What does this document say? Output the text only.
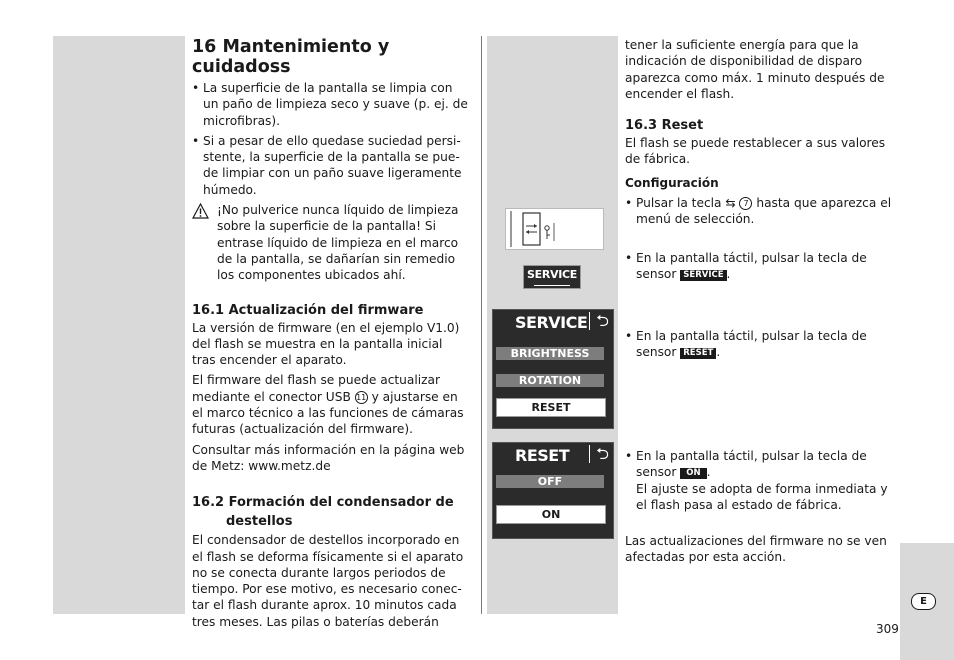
16 Mantenimiento y cuidadoss

• La superficie de la pantalla se limpia con un paño de limpieza seco y suave (p. ej. de microfibras).

• Si a pesar de ello quedase suciedad persistente, la superficie de la pantalla se puede limpiar con un paño suave ligeramente húmedo.

¡No pulverice nunca líquido de limpieza sobre la superficie de la pantalla! Si entrase líquido de limpieza en el marco de la pantalla, se dañarían sin remedio los componentes ubicados ahí.
16.1 Actualización del firmware

La versión de firmware (en el ejemplo V1.0) del flash se muestra en la pantalla inicial tras encender el aparato.

El firmware del flash se puede actualizar mediante el conector USB 11 y ajustarse en el marco técnico a las funciones de cámaras futuras (actualización del firmware).

Consultar más información en la página web de Metz: www.metz.de

16.2 Formación del condensador de
destellos

El condensador de destellos incorporado en el flash se deforma físicamente si el aparato no se conecta durante largos periodos de tiempo. Por ese motivo, es necesario conectar el flash durante aprox. 10 minutos cada tres meses. Las pilas o baterías deberán

SERVICE
SERVICE ⮌
BRIGHTNESS
ROTATION
RESET
RESET	⮌
OFF
ON

tener la suficiente energía para que la indicación de disponibilidad de disparo aparezca como máx. 1 minuto después de encender el flash.

16.3 Reset

El flash se puede restablecer a sus valores de fábrica.

Configuración

• Pulsar la tecla ⇆ 7 hasta que aparezca el menú de selección.

• En la pantalla táctil, pulsar la tecla de sensor SERVICE .

• En la pantalla táctil, pulsar la tecla de sensor RESET .

• En la pantalla táctil, pulsar la tecla de sensor ON .
El ajuste se adopta de forma inmediata y el flash pasa al estado de fábrica.

Las actualizaciones del firmware no se ven afectadas por esta acción.

E
309
